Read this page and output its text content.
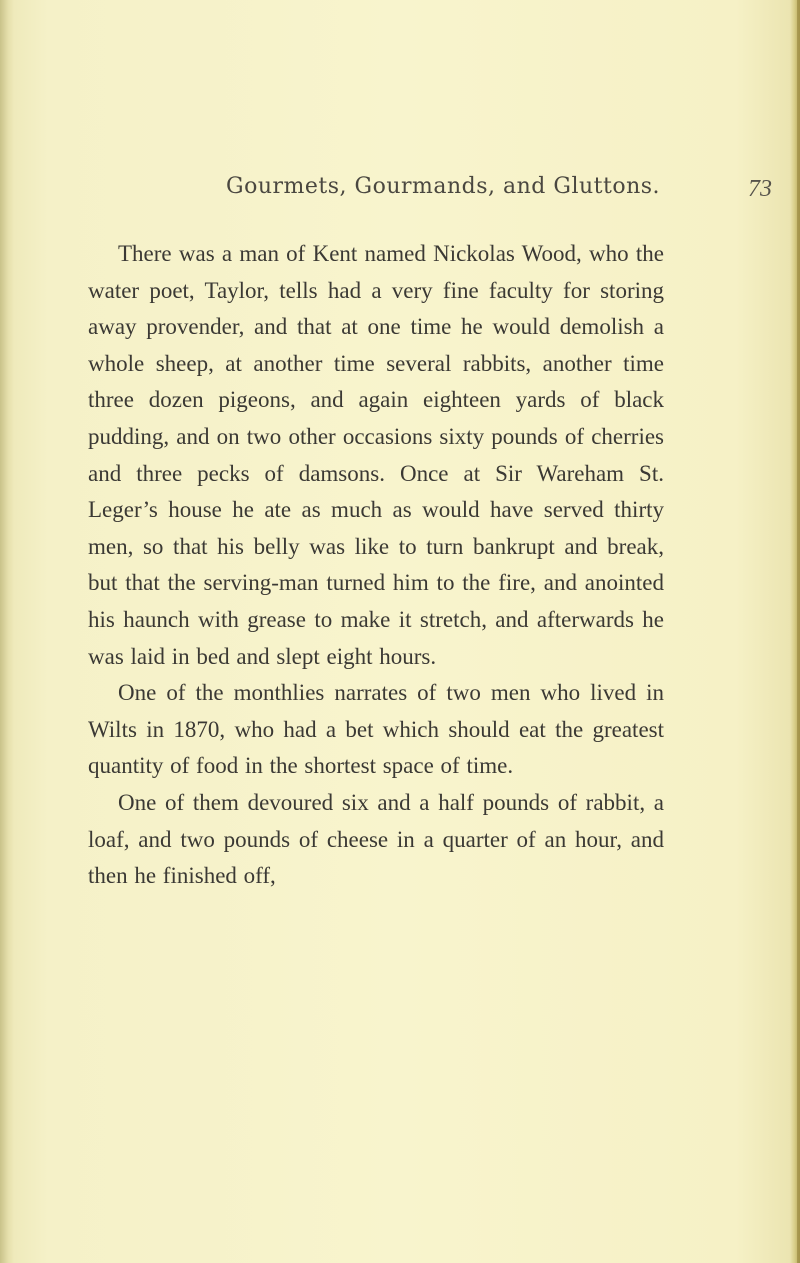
Gourmets, Gourmands, and Gluttons.	73

There was a man of Kent named Nickolas Wood, who the water poet, Taylor, tells had a very fine faculty for storing away provender, and that at one time he would demolish a whole sheep, at another time several rabbits, another time three dozen pigeons, and again eighteen yards of black pudding, and on two other occasions sixty pounds of cherries and three pecks of damsons. Once at Sir Wareham St. Leger’s house he ate as much as would have served thirty men, so that his belly was like to turn bankrupt and break, but that the serving-man turned him to the fire, and anointed his haunch with grease to make it stretch, and afterwards he was laid in bed and slept eight hours.

One of the monthlies narrates of two men who lived in Wilts in 1870, who had a bet which should eat the greatest quantity of food in the shortest space of time.

One of them devoured six and a half pounds of rabbit, a loaf, and two pounds of cheese in a quarter of an hour, and then he finished off,
